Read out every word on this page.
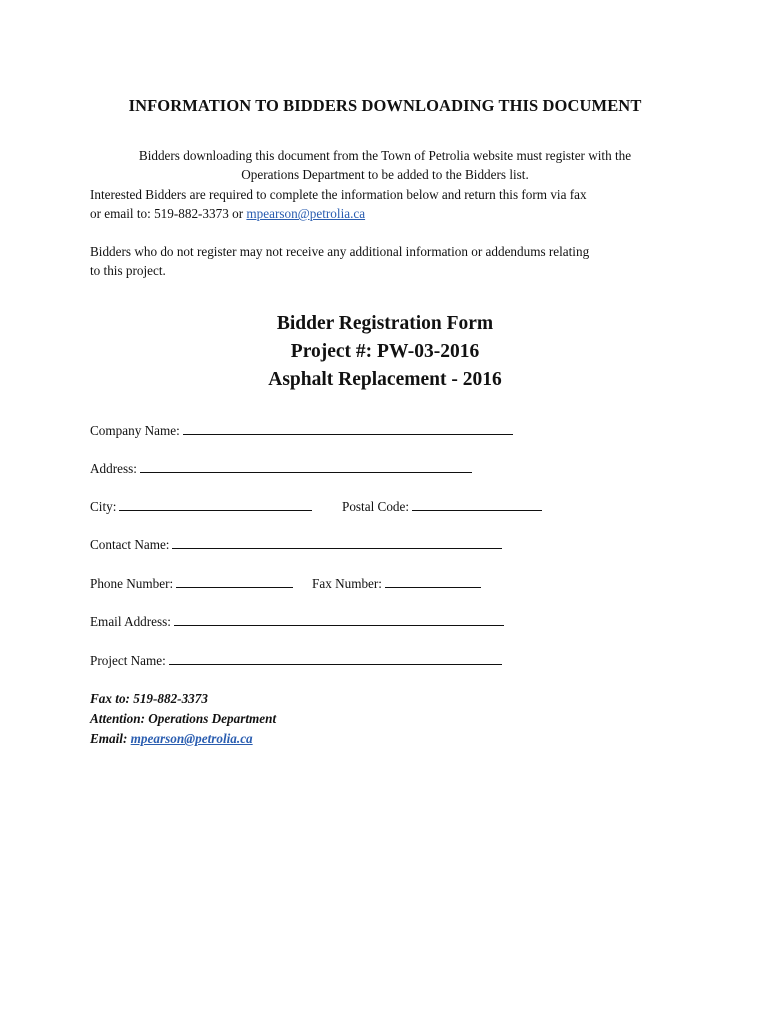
INFORMATION TO BIDDERS DOWNLOADING THIS DOCUMENT
Bidders downloading this document from the Town of Petrolia website must register with the
Operations Department to be added to the Bidders list.
Interested Bidders are required to complete the information below and return this form via fax
or email to: 519-882-3373 or mpearson@petrolia.ca
Bidders who do not register may not receive any additional information or addendums relating
to this project.
Bidder Registration Form
Project #: PW-03-2016
Asphalt Replacement - 2016
Company Name:
Address:
City:	Postal Code:
Contact Name:
Phone Number:	Fax Number:
Email Address:
Project Name:
Fax to: 519-882-3373
Attention: Operations Department
Email: mpearson@petrolia.ca
